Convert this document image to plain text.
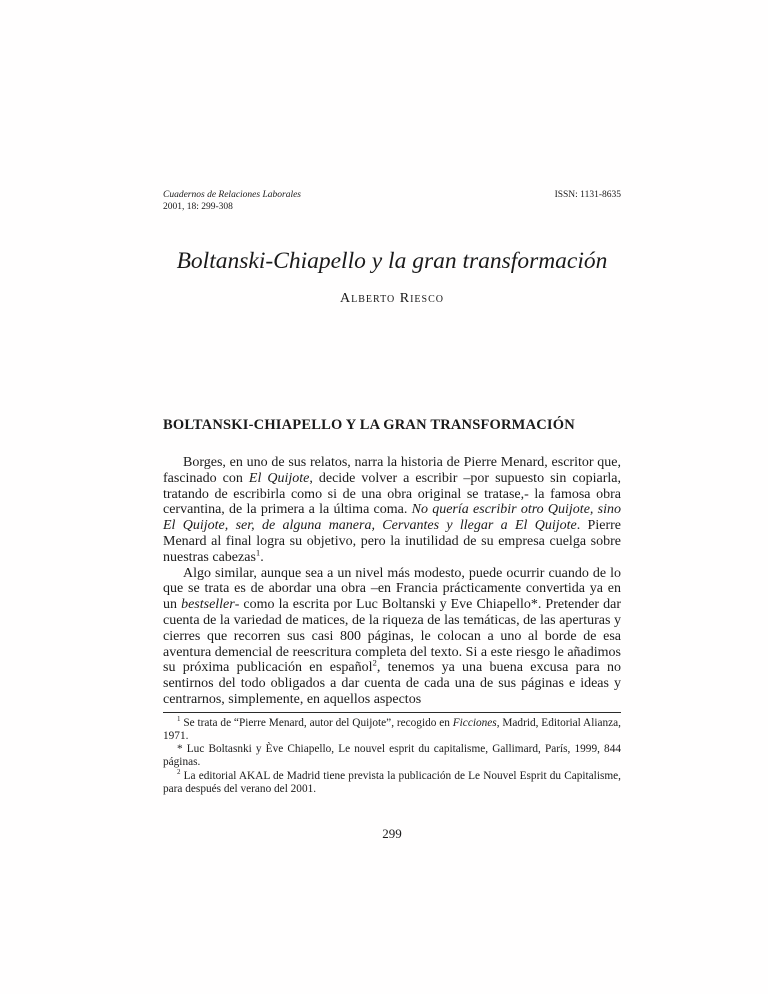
Cuadernos de Relaciones Laborales
2001, 18: 299-308
ISSN: 1131-8635
Boltanski-Chiapello y la gran transformación
Alberto Riesco
BOLTANSKI-CHIAPELLO Y LA GRAN TRANSFORMACIÓN

Borges, en uno de sus relatos, narra la historia de Pierre Menard, escritor que, fascinado con El Quijote, decide volver a escribir –por supuesto sin copiarla, tratando de escribirla como si de una obra original se tratase,- la famosa obra cervantina, de la primera a la última coma. No quería escribir otro Quijote, sino El Quijote, ser, de alguna manera, Cervantes y llegar a El Quijote. Pierre Menard al final logra su objetivo, pero la inutilidad de su empresa cuelga sobre nuestras cabezas$^1$.

Algo similar, aunque sea a un nivel más modesto, puede ocurrir cuando de lo que se trata es de abordar una obra –en Francia prácticamente convertida ya en un bestseller- como la escrita por Luc Boltanski y Eve Chiapello*. Pretender dar cuenta de la variedad de matices, de la riqueza de las temáticas, de las aperturas y cierres que recorren sus casi 800 páginas, le colocan a uno al borde de esa aventura demencial de reescritura completa del texto. Si a este riesgo le añadimos su próxima publicación en español$^2$, tenemos ya una buena excusa para no sentirnos del todo obligados a dar cuenta de cada una de sus páginas e ideas y centrarnos, simplemente, en aquellos aspectos

$^1$ Se trata de “Pierre Menard, autor del Quijote”, recogido en Ficciones, Madrid, Editorial Alianza, 1971.

* Luc Boltasnki y Ève Chiapello, Le nouvel esprit du capitalisme, Gallimard, París, 1999, 844 páginas.

$^2$ La editorial AKAL de Madrid tiene prevista la publicación de Le Nouvel Esprit du Capitalisme, para después del verano del 2001.

299
